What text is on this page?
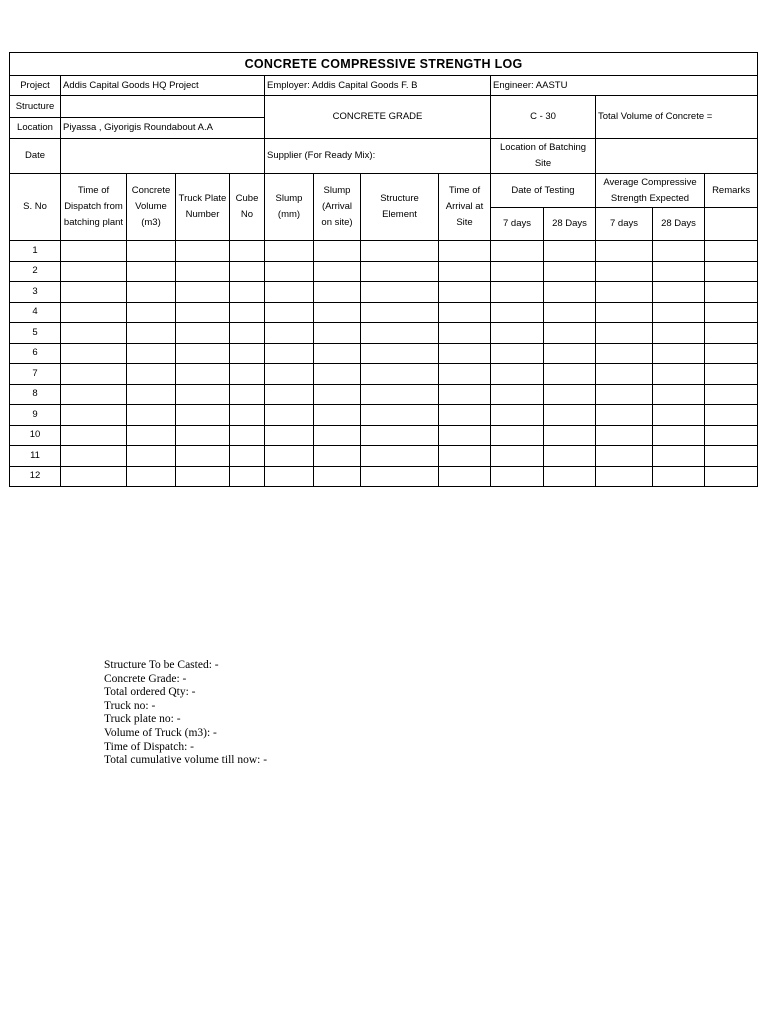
CONCRETE COMPRESSIVE STRENGTH LOG													
Project	Addis Capital Goods HQ Project				Employer: Addis Capital Goods F. B				Engineer: AASTU				
Structure					CONCRETE GRADE				C - 30		Total Volume of Concrete =		
Location	Piyassa , Giyorigis Roundabout A.A												
Date					Supplier (For Ready Mix):				Location of Batching Site				
S. No	Time of Dispatch from batching plant	Concrete Volume (m3)	Truck Plate Number	Cube No	Slump (mm)	Slump (Arrival on site)	Structure Element	Time of Arrival at Site	Date of Testing		Average Compressive Strength Expected		Remarks
									7 days	28 Days	7 days	28 Days	
1													
2													
3													
4													
5													
6													
7													
8													
9													
10													
11													
12													
Structure To be Casted: -
Concrete Grade: -
Total ordered Qty: -
Truck no: -
Truck plate no: -
Volume of Truck (m3): -
Time of Dispatch: -
Total cumulative volume till now: -
